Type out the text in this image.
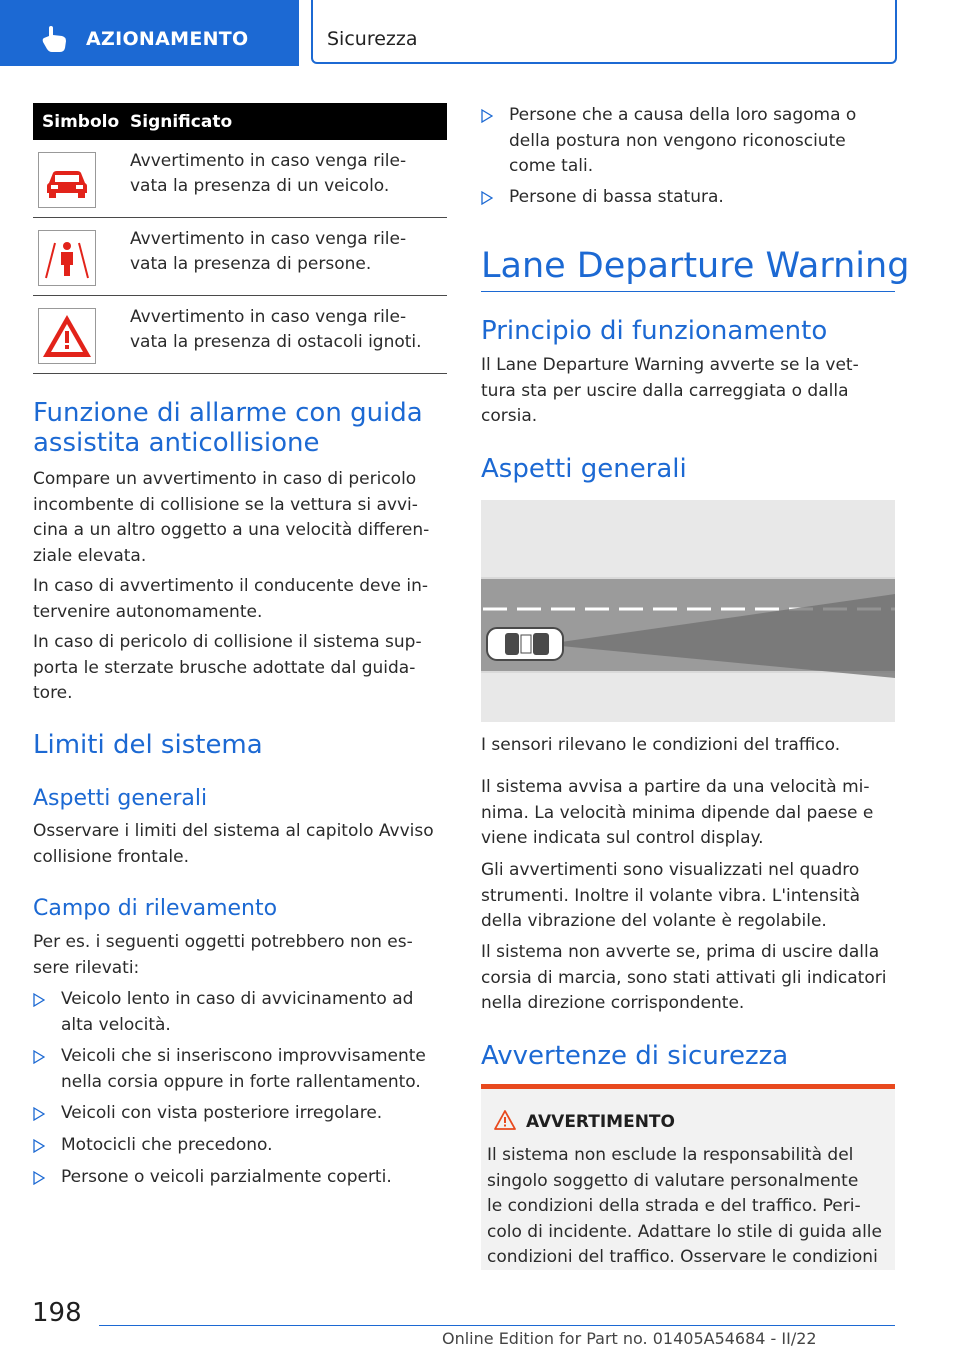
AZIONAMENTO	Sicurezza
Simbolo Significato
Avvertimento in caso venga rile-
vata la presenza di un veicolo.
Avvertimento in caso venga rile-
vata la presenza di persone.
Avvertimento in caso venga rile-
vata la presenza di ostacoli ignoti.
Funzione di allarme con guida
assistita anticollisione
Compare un avvertimento in caso di pericolo
incombente di collisione se la vettura si avvi-
cina a un altro oggetto a una velocità differen-
ziale elevata.
In caso di avvertimento il conducente deve in-
tervenire autonomamente.
In caso di pericolo di collisione il sistema sup-
porta le sterzate brusche adottate dal guida-
tore.
Limiti del sistema
Aspetti generali
Osservare i limiti del sistema al capitolo Avviso
collisione frontale.
Campo di rilevamento
Per es. i seguenti oggetti potrebbero non es-
sere rilevati:
Veicolo lento in caso di avvicinamento ad
alta velocità.
Veicoli che si inseriscono improvvisamente
nella corsia oppure in forte rallentamento.
Veicoli con vista posteriore irregolare.
Motocicli che precedono.
Persone o veicoli parzialmente coperti.
Persone che a causa della loro sagoma o
della postura non vengono riconosciute
come tali.
Persone di bassa statura.
Lane Departure Warning
Principio di funzionamento
Il Lane Departure Warning avverte se la vet-
tura sta per uscire dalla carreggiata o dalla
corsia.
Aspetti generali
I sensori rilevano le condizioni del traffico.
Il sistema avvisa a partire da una velocità mi-
nima. La velocità minima dipende dal paese e
viene indicata sul control display.
Gli avvertimenti sono visualizzati nel quadro
strumenti. Inoltre il volante vibra. L'intensità
della vibrazione del volante è regolabile.
Il sistema non avverte se, prima di uscire dalla
corsia di marcia, sono stati attivati gli indicatori
nella direzione corrispondente.
Avvertenze di sicurezza
AVVERTIMENTO
Il sistema non esclude la responsabilità del
singolo soggetto di valutare personalmente
le condizioni della strada e del traffico. Peri-
colo di incidente. Adattare lo stile di guida alle
condizioni del traffico. Osservare le condizioni
198
Online Edition for Part no. 01405A54684 - II/22
